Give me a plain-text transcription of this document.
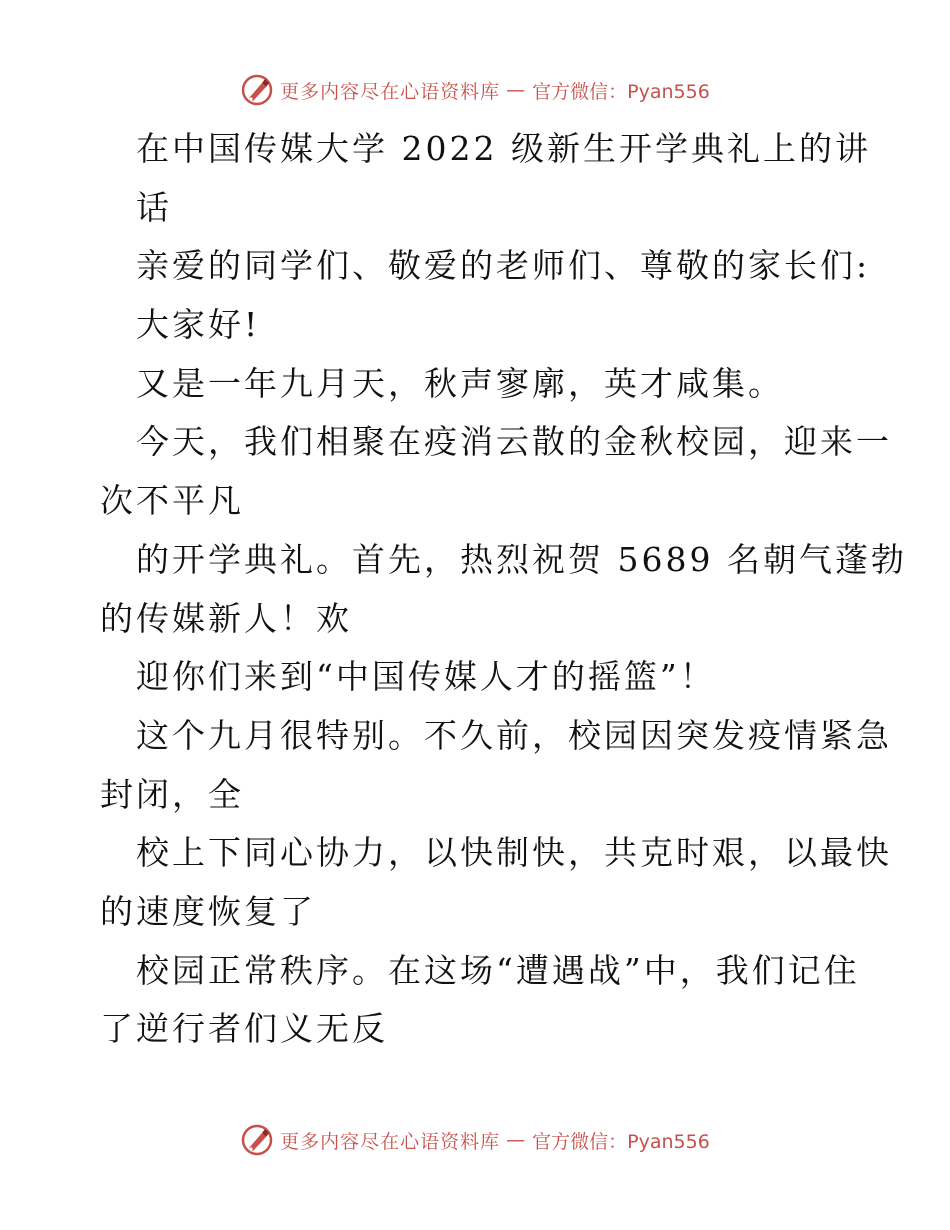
更多内容尽在心语资料库 — 官方微信：Pyan556
在中国传媒大学 2022 级新生开学典礼上的讲
话
亲爱的同学们、敬爱的老师们、尊敬的家长们:
大家好!
又是一年九月天，秋声寥廓，英才咸集。
今天，我们相聚在疫消云散的金秋校园，迎来一
次不平凡
的开学典礼。首先，热烈祝贺 5689 名朝气蓬勃
的传媒新人！欢
迎你们来到“中国传媒人才的摇篮”！
这个九月很特别。不久前，校园因突发疫情紧急
封闭，全
校上下同心协力，以快制快，共克时艰，以最快
的速度恢复了
校园正常秩序。在这场“遭遇战”中，我们记住
了逆行者们义无反
更多内容尽在心语资料库 — 官方微信：Pyan556
